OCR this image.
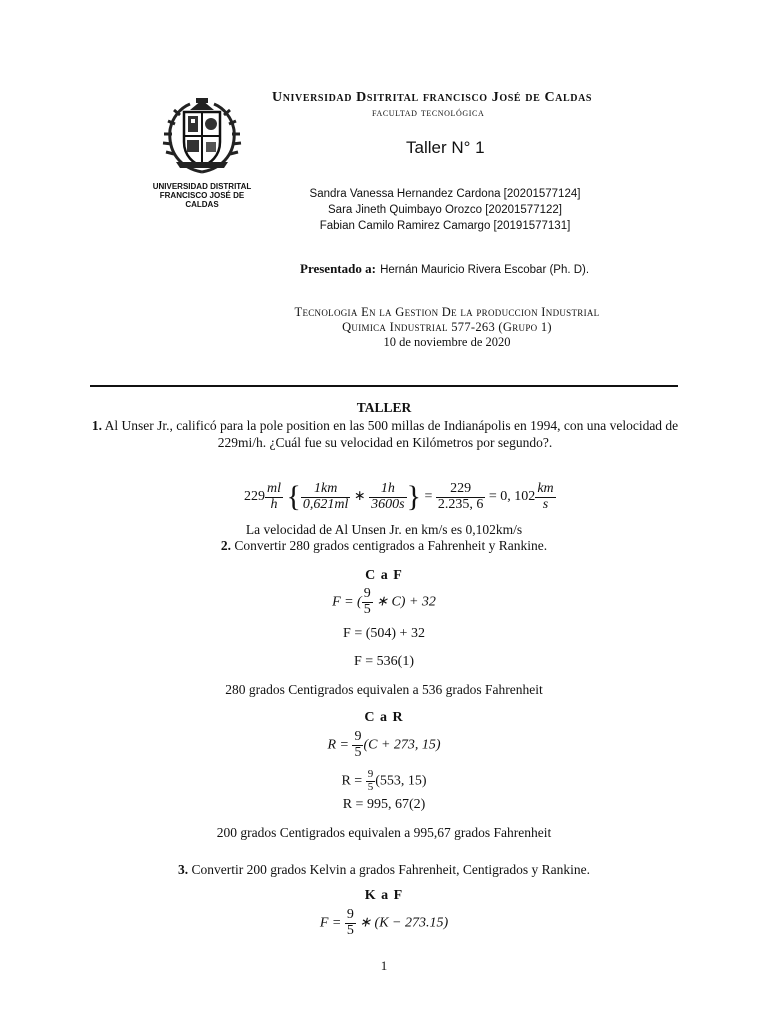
UNIVERSIDAD DISTRITAL
FRANCISCO JOSÉ DE CALDAS
Universidad Dsitrital francisco José de Caldas
facultad tecnológica
Taller N° 1
Sandra Vanessa Hernandez Cardona [20201577124]
Sara Jineth Quimbayo Orozco [20201577122]
Fabian Camilo Ramirez Camargo [20191577131]
Presentado a: Hernán Mauricio Rivera Escobar (Ph. D).
Tecnologia En la Gestion De la produccion Industrial
Quimica Industrial 577-263 (Grupo 1)
10 de noviembre de 2020
TALLER
1. Al Unser Jr., calificó para la pole position en las 500 millas de Indianápolis en 1994, con una velocidad de
229mi/h. ¿Cuál fue su velocidad en Kilómetros por segundo?.
$229 \frac{ml}{h}$ { $\frac{1km}{0,621ml}$ ∗ $\frac{1h}{3600s}$ } = $\frac{229}{2.235, 6} = 0$, $102 \frac{km}{s}$
La velocidad de Al Unsen Jr. en km/s es 0,102km/s
2. Convertir 280 grados centigrados a Fahrenheit y Rankine.
C a F
F = ( $\frac{9}{5}$ ∗ C) + 32
F = (504) + 32
F = 536(1)
280 grados Centigrados equivalen a 536 grados Fahrenheit
C a R
$R = \frac{9}{5} (C + 273$, 15)
$R = \frac{9}{5} (553$, 15)
R = 995, 67(2)
200 grados Centigrados equivalen a 995,67 grados Fahrenheit
3. Convertir 200 grados Kelvin a grados Fahrenheit, Centigrados y Rankine.
K a F
$F = \frac{9}{5}$ ∗ (K − 273.15)
1
